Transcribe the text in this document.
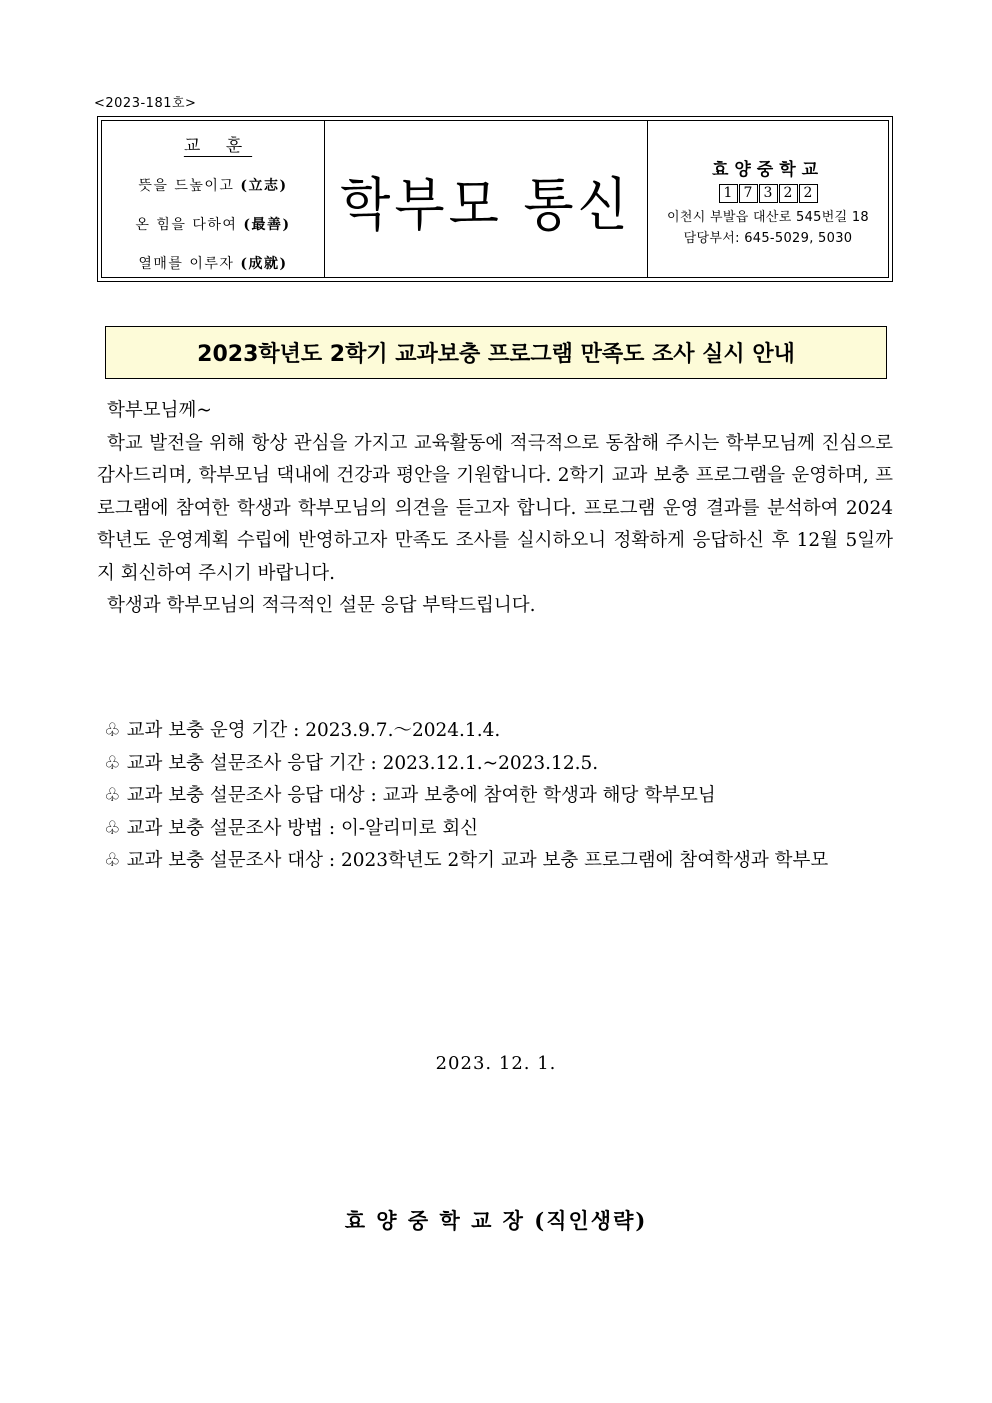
<2023-181호>
교 훈
뜻을 드높이고 (立志)
온 힘을 다하여 (最善)
열매를 이루자 (成就)
학부모 통신
효양중학교
1 7 3 2 2
이천시 부발읍 대산로 545번길 18
담당부서: 645-5029, 5030
2023학년도 2학기 교과보충 프로그램 만족도 조사 실시 안내
학부모님께~
학교 발전을 위해 항상 관심을 가지고 교육활동에 적극적으로 동참해 주시는 학부모님께 진심으로 감사드리며, 학부모님 댁내에 건강과 평안을 기원합니다. 2학기 교과 보충 프로그램을 운영하며, 프로그램에 참여한 학생과 학부모님의 의견을 듣고자 합니다. 프로그램 운영 결과를 분석하여 2024학년도 운영계획 수립에 반영하고자 만족도 조사를 실시하오니 정확하게 응답하신 후 12월 5일까지 회신하여 주시기 바랍니다.
학생과 학부모님의 적극적인 설문 응답 부탁드립니다.
♧ 교과 보충 운영 기간 : 2023.9.7.～2024.1.4.
♧ 교과 보충 설문조사 응답 기간 : 2023.12.1.~2023.12.5.
♧ 교과 보충 설문조사 응답 대상 : 교과 보충에 참여한 학생과 해당 학부모님
♧ 교과 보충 설문조사 방법 : 이-알리미로 회신
♧ 교과 보충 설문조사 대상 : 2023학년도 2학기 교과 보충 프로그램에 참여학생과 학부모
2023. 12. 1.
효 양 중 학 교 장 (직인생략)
